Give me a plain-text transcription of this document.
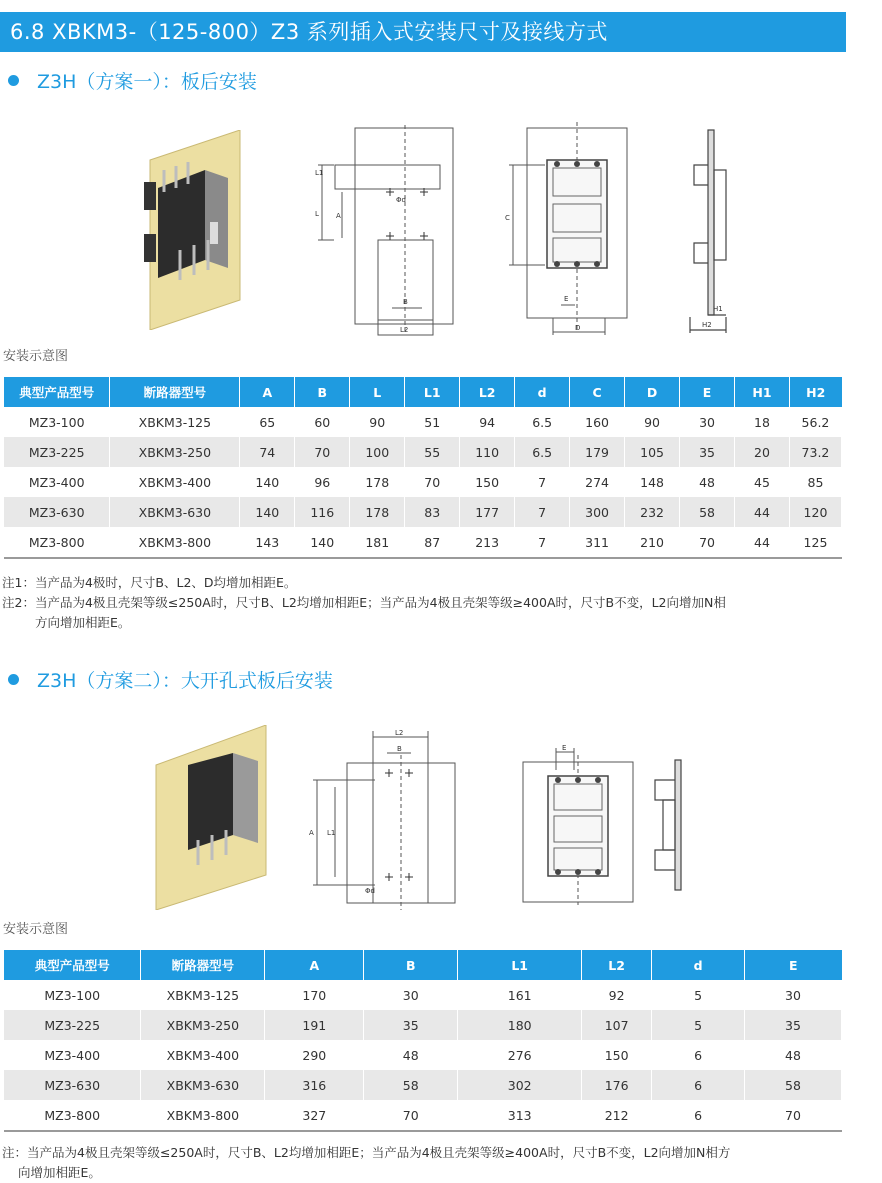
6.8 XBKM3-（125-800）Z3 系列插入式安装尺寸及接线方式
Z3H（方案一）：板后安装
L1
L A
Φd
B
L2
C
E
D
H1
H2
安装示意图
典型产品型号	断路器型号	A	B	L	L1	L2	d	C	D	E	H1	H2
MZ3-100	XBKM3-125	65	60	90	51	94	6.5	160	90	30	18	56.2
MZ3-225	XBKM3-250	74	70	100	55	110	6.5	179	105	35	20	73.2
MZ3-400	XBKM3-400	140	96	178	70	150	7	274	148	48	45	85
MZ3-630	XBKM3-630	140	116	178	83	177	7	300	232	58	44	120
MZ3-800	XBKM3-800	143	140	181	87	213	7	311	210	70	44	125
注1：当产品为4极时，尺寸B、L2、D均增加相距E。
注2：当产品为4极且壳架等级≤250A时，尺寸B、L2均增加相距E；当产品为4极且壳架等级≥400A时，尺寸B不变，L2向增加N相
方向增加相距E。
Z3H（方案二）：大开孔式板后安装
L2
B
A L1
Φd
E
安装示意图
典型产品型号	断路器型号	A	B	L1	L2	d	E
MZ3-100	XBKM3-125	170	30	161	92	5	30
MZ3-225	XBKM3-250	191	35	180	107	5	35
MZ3-400	XBKM3-400	290	48	276	150	6	48
MZ3-630	XBKM3-630	316	58	302	176	6	58
MZ3-800	XBKM3-800	327	70	313	212	6	70
注：当产品为4极且壳架等级≤250A时，尺寸B、L2均增加相距E；当产品为4极且壳架等级≥400A时，尺寸B不变，L2向增加N相方
向增加相距E。
